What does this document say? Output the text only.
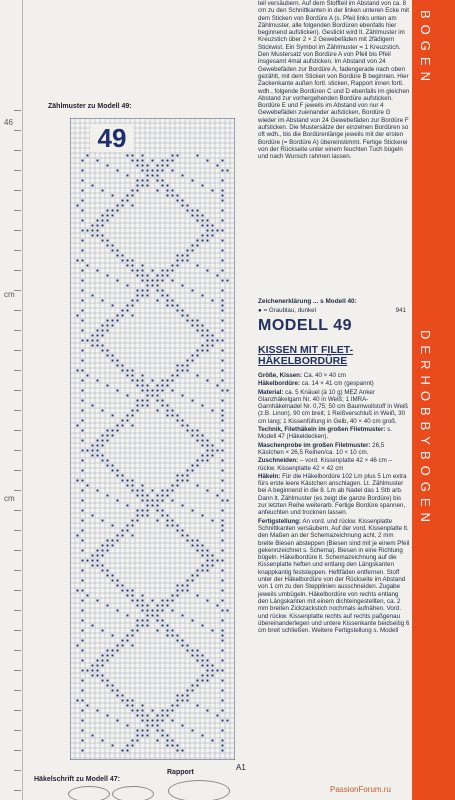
46
cm
cm
Zählmuster zu Modell 49:
49
A1

teil versäubern. Auf dem Stoffteil im Abstand von ca. 8 cm zu den Schnittkanten in der linken unteren Ecke mit dem Sticken von Bordüre A (s. Pfeil links unten am Zählmuster, alle folgenden Bordüren ebenfalls hier beginnend aufsticken). Gestickt wird lt. Zählmuster im Kreuzstich über 2 × 2 Gewebefäden mit 2fädigem Stickwist. Ein Symbol im Zählmuster = 1 Kreuzstich. Den Mustersatz von Bordüre A von Pfeil bis Pfeil insgesamt 4mal aufsticken. Im Abstand von 24 Gewebefäden zur Bordüre A, fadengerade nach oben gezählt, mit dem Sticken von Bordüre B beginnen. Hier Zackenkante außen fortl. sticken, Rapport innen fortl. wdh., folgende Bordüren C und D ebenfalls im gleichen Abstand zur vorhergehenden Bordüre aufsticken. Bordüre E und F jeweils im Abstand von nur 4 Gewebefäden zueinander aufsticken, Bordüre G wieder im Abstand von 24 Gewebefäden zur Bordüre F aufsticken. Die Mustersätze der einzelnen Bordüren so oft wdh., bis die Bordürenlänge jeweils mit der ersten Bordüre (= Bordüre A) übereinstimmt. Fertige Stickerei von der Rückseite unter einem feuchten Tuch bügeln und nach Wunsch rahmen lassen.

Zeichenerklärung ... s Modell 40:
● = Graublau, dunkel	941
MODELL 49
KISSEN MIT FILET-HÄKELBORDÜRE

Größe, Kissen: Ca. 40 × 40 cm

Häkelbordüre: ca. 14 × 41 cm (gespannt)

Material: ca. 5 Knäuel (à 10 g) MEZ Anker Glanzhäkelgarn Nr. 40 in Weiß; 1 IMRA-Garnhäkelnadel Nr. 0,75; 50 cm Baumwollstoff in Weiß (z.B. Linon), 90 cm breit; 1 Reißverschluß in Weiß, 30 cm lang; 1 Kissenfüllung in Gelb, 40 × 40 cm groß.

Technik, Filethäkeln im großen Filetmuster: s. Modell 47 (Häkeldecken).

Maschenprobe im großen Filetmuster: 26,5 Kästchen × 26,5 Reihen/ca. 10 × 10 cm.

Zuschneiden: – vord. Kissenplatte 42 × 46 cm – rückw. Kissenplatte 42 × 42 cm

Häkeln: Für die Häkelbordüre 102 Lm plus 5 Lm extra fürs erste leere Kästchen anschlagen. Lt. Zählmuster bei A beginnend in die 8. Lm ab Nadel das 1 Stb arb. Dann lt. Zählmuster (es zeigt die ganze Bordüre) bis zur letzten Reihe weiterarb. Fertige Bordüre spannen, anfeuchten und trocknen lassen.

Fertigstellung: An vord. und rückw. Kissenplatte Schnittkanten versäubern. Auf der vord. Kissenplatte lt. den Maßen an der Schemazeichnung acht, 2 mm breite Biesen abstеppen (Biesen sind mit je einem Pfeil gekennzeichnet s. Schema). Biesen in eine Richtung bügeln. Häkelbordüre lt. Schemazeichnung auf die Kissenplatte heften und entlang den Längskanten knappkantig feststeppen. Heftfäden entfernen. Stoff unter der Häkelbordüre von der Rückseite im Abstand von 1 cm zu den Stepplinien ausschneiden. Zugabe jeweils umbügeln. Häkelbordüre von rechts entlang den Längskanten mit einem dichteingestellten, ca. 2 mm breiten Zickzackstich nochmals aufnähen. Vord. und rückw. Kissenplatte rechts auf rechts paßgenau übereinanderlegen und untere Kissenkante beidseitig 6 cm breit schließen. Weitere Fertigstellung s. Modell

BOGEN
DERHOBBYBOGEN
Häkelschrift zu Modell 47:
Rapport
PassionForum.ru
